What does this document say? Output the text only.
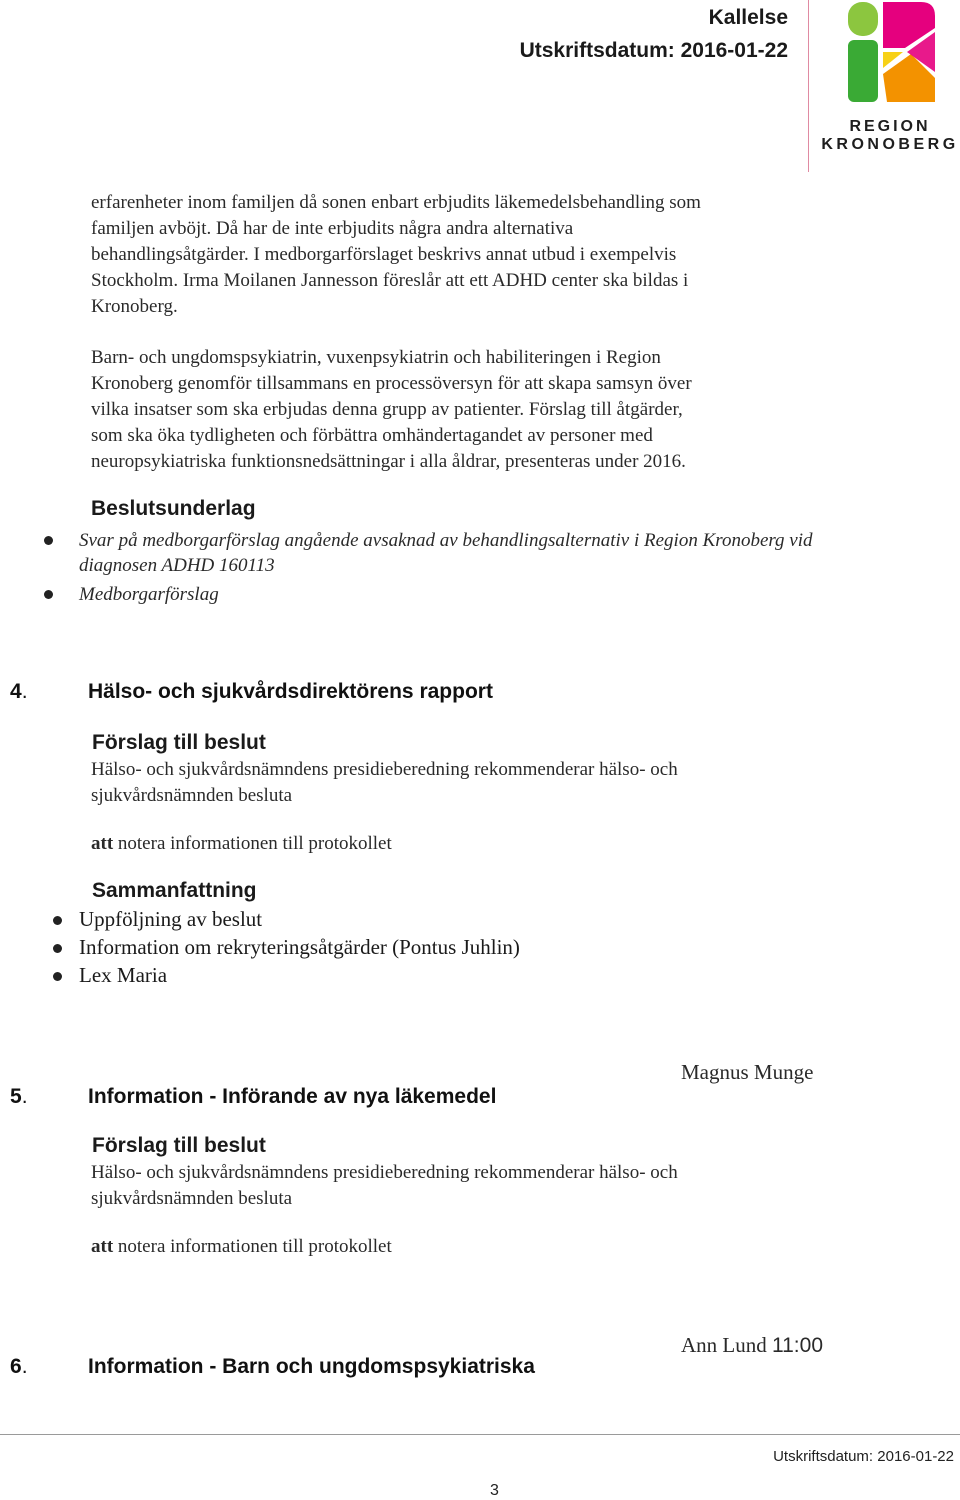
Kallelse
Utskriftsdatum: 2016-01-22
REGION
KRONOBERG
erfarenheter inom familjen då sonen enbart erbjudits läkemedelsbehandling som
familjen avböjt. Då har de inte erbjudits några andra alternativa
behandlingsåtgärder. I medborgarförslaget beskrivs annat utbud i exempelvis
Stockholm. Irma Moilanen Jannesson föreslår att ett ADHD center ska bildas i
Kronoberg.
Barn- och ungdomspsykiatrin, vuxenpsykiatrin och habiliteringen i Region
Kronoberg genomför tillsammans en processöversyn för att skapa samsyn över
vilka insatser som ska erbjudas denna grupp av patienter. Förslag till åtgärder,
som ska öka tydligheten och förbättra omhändertagandet av personer med
neuropsykiatriska funktionsnedsättningar i alla åldrar, presenteras under 2016.
Beslutsunderlag
Svar på medborgarförslag angående avsaknad av behandlingsalternativ i Region Kronoberg vid
diagnosen ADHD 160113
Medborgarförslag
4.	Hälso- och sjukvårdsdirektörens rapport
Förslag till beslut
Hälso- och sjukvårdsnämndens presidieberedning rekommenderar hälso- och
sjukvårdsnämnden besluta
att notera informationen till protokollet
Sammanfattning
Uppföljning av beslut
Information om rekryteringsåtgärder (Pontus Juhlin)
Lex Maria
Magnus Munge
5.	Information - Införande av nya läkemedel
Förslag till beslut
Hälso- och sjukvårdsnämndens presidieberedning rekommenderar hälso- och
sjukvårdsnämnden besluta
att notera informationen till protokollet
Ann Lund 11:00
6.	Information - Barn och ungdomspsykiatriska
Utskriftsdatum: 2016-01-22
3
